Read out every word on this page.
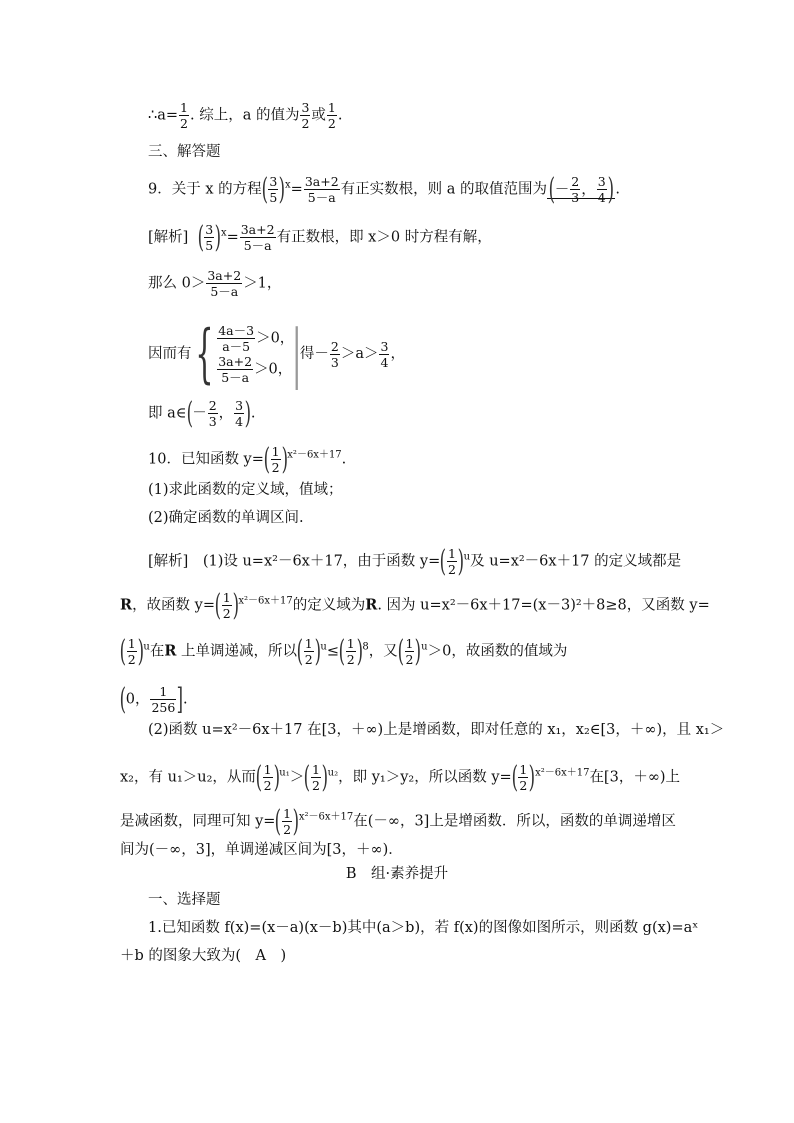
∴a= $\frac{1}{2}$ . 综上，a 的值为 $\frac{3}{2}$ 或 $\frac{1}{2}$ .
三、解答题
9．关于 x 的方程( $\frac{3}{5} )^x= \frac{3a+2}{5-a}$ 有正实数根，则 a 的取值范围为(－ $\frac{2}{3}$ ， $\frac{3}{4}$ ) .
[解析] ( $\frac{3}{5} )^x= \frac{3a+2}{5-a}$ 有正数根，即 x＞0 时方程有解，
那么 $0> \frac{3a+2}{5-a} >1$，
因而有{ $\frac{4a-3}{a-5} >0$，
$\frac{3a+2}{5-a} >0$， |得－ $\frac{2}{3} >a> \frac{3}{4}$ ，
即 a∈(－ $\frac{2}{3}$ ， $\frac{3}{4}$ ).
10．已知函数 $y=( \frac{1}{2} )^{x^2-6x+17}$.
(1)求此函数的定义域，值域；
(2)确定函数的单调区间.
[解析]　(1)设 u=x²－6x＋17，由于函数 $y=( \frac{1}{2} )^u$及 u=x²－6x＋17 的定义域都是
R，故函数 $y=( \frac{1}{2} )^{x^2-6x+17}$的定义域为R. 因为 u=x²－6x＋17=(x－3)²＋8≥8，又函数 y=
( $\frac{1}{2} )^u$在R 上单调递减，所以( $\frac{1}{2} )^u\le( \frac{1}{2} )^8$，又( $\frac{1}{2} )^u>0$，故函数的值域为
(0， $\frac{1}{256}$ ].
(2)函数 u=x²－6x＋17 在[3，＋∞)上是增函数，即对任意的 x₁，x₂∈[3，＋∞)，且 x₁＞
x₂，有 u₁＞u₂，从而( $\frac{1}{2} )^{u_1}>( \frac{1}{2} )^{u_2}$，即 y₁＞y₂，所以函数 $y=( \frac{1}{2} )^{x^2-6x+17}$在[3，＋∞)上
是减函数，同理可知 $y=( \frac{1}{2} )^{x^2-6x+17}$在(－∞，3]上是增函数．所以，函数的单调递增区
间为(－∞，3]，单调递减区间为[3，＋∞)．
B　组·素养提升
一、选择题
1.已知函数 f(x)=(x－a)(x－b)其中(a＞b)，若 f(x)的图像如图所示，则函数 g(x)=aˣ
＋b 的图象大致为(　A　)
